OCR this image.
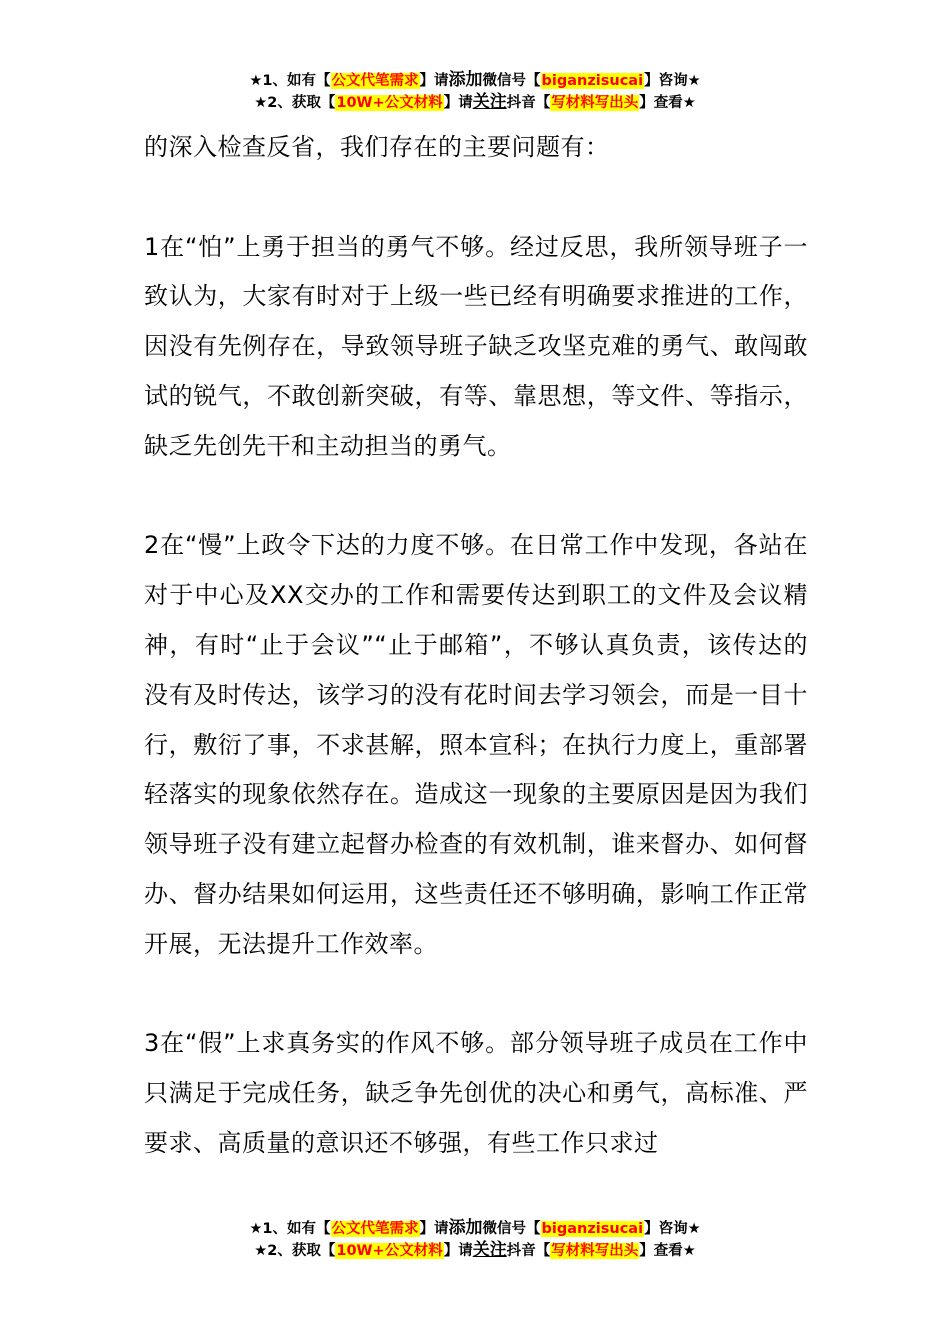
★1、如有【公文代笔需求】请添加微信号【biganzisucai】咨询★
★2、获取【10W+公文材料】请关注抖音【写材料写出头】查看★

的深入检查反省，我们存在的主要问题有：

1在“怕”上勇于担当的勇气不够。经过反思，我所领导班子一致认为，大家有时对于上级一些已经有明确要求推进的工作，因没有先例存在，导致领导班子缺乏攻坚克难的勇气、敢闯敢试的锐气，不敢创新突破，有等、靠思想，等文件、等指示，缺乏先创先干和主动担当的勇气。

2在“慢”上政令下达的力度不够。在日常工作中发现，各站在对于中心及XX交办的工作和需要传达到职工的文件及会议精神，有时“止于会议”“止于邮箱”，不够认真负责，该传达的没有及时传达，该学习的没有花时间去学习领会，而是一目十行，敷衍了事，不求甚解，照本宣科；在执行力度上，重部署轻落实的现象依然存在。造成这一现象的主要原因是因为我们领导班子没有建立起督办检查的有效机制，谁来督办、如何督办、督办结果如何运用，这些责任还不够明确，影响工作正常开展，无法提升工作效率。

3在“假”上求真务实的作风不够。部分领导班子成员在工作中只满足于完成任务，缺乏争先创优的决心和勇气，高标准、严要求、高质量的意识还不够强，有些工作只求过

★1、如有【公文代笔需求】请添加微信号【biganzisucai】咨询★
★2、获取【10W+公文材料】请关注抖音【写材料写出头】查看★
